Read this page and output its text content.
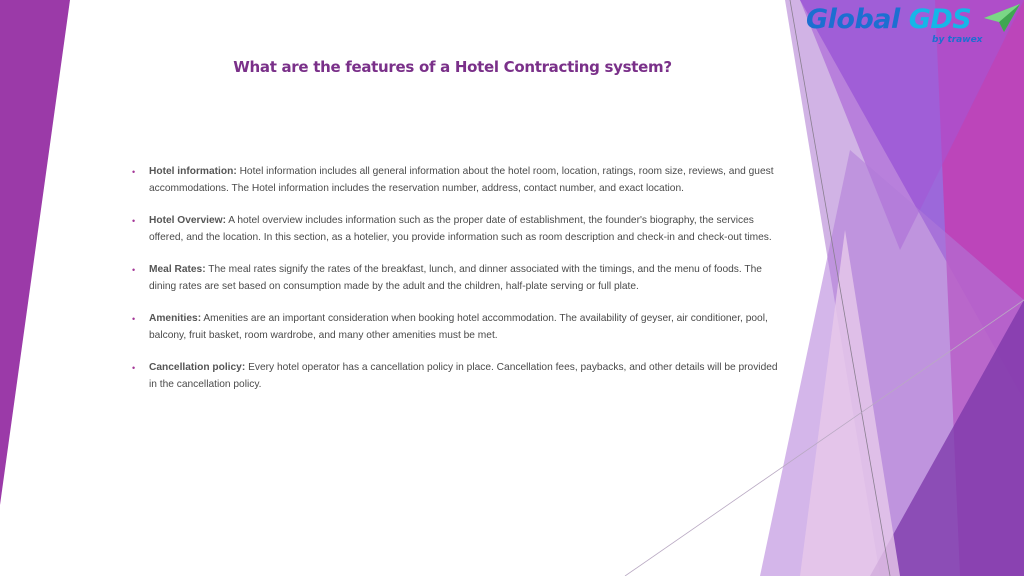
Global GDS
by trawex
What are the features of a Hotel Contracting system?
• Hotel information: Hotel information includes all general information about the hotel room, location, ratings, room size, reviews, and guest accommodations. The Hotel information includes the reservation number, address, contact number, and exact location.
• Hotel Overview: A hotel overview includes information such as the proper date of establishment, the founder's biography, the services offered, and the location. In this section, as a hotelier, you provide information such as room description and check-in and check-out times.
• Meal Rates: The meal rates signify the rates of the breakfast, lunch, and dinner associated with the timings, and the menu of foods. The dining rates are set based on consumption made by the adult and the children, half-plate serving or full plate.
• Amenities: Amenities are an important consideration when booking hotel accommodation. The availability of geyser, air conditioner, pool, balcony, fruit basket, room wardrobe, and many other amenities must be met.
• Cancellation policy: Every hotel operator has a cancellation policy in place. Cancellation fees, paybacks, and other details will be provided in the cancellation policy.
